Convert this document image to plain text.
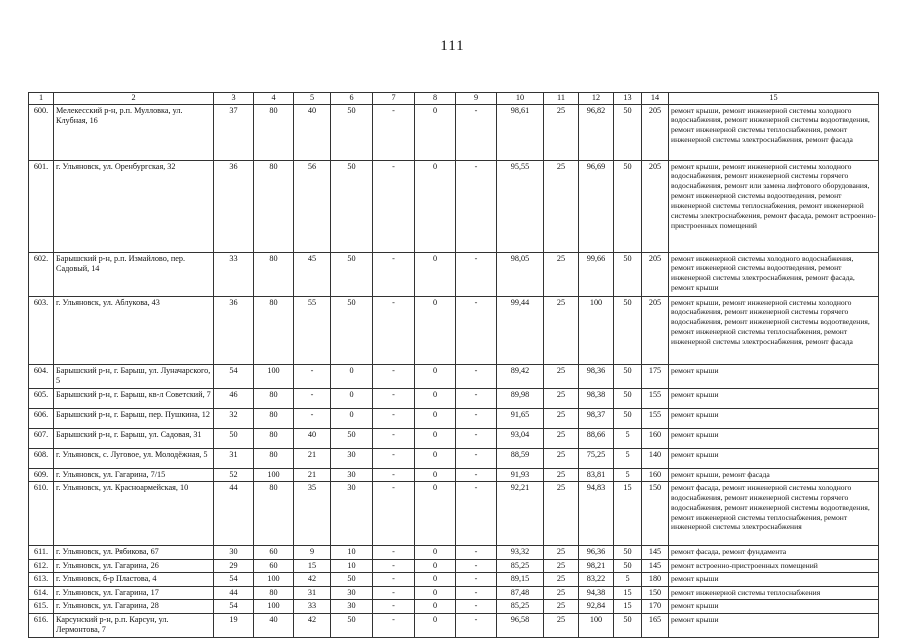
111
1	2	3	4	5	6	7	8	9	10	11	12	13	14	15
600.	Мелекесский р-н, р.п. Мулловка, ул. Клубная, 16	37	80	40	50	-	0	-	98,61	25	96,82	50	205	ремонт крыши, ремонт инженерной системы холодного водоснабжения, ремонт инженерной системы водоотведения, ремонт инженерной системы теплоснабжения, ремонт инженерной системы электроснабжения, ремонт фасада
601.	г. Ульяновск, ул. Оренбургская, 32	36	80	56	50	-	0	-	95,55	25	96,69	50	205	ремонт крыши, ремонт инженерной системы холодного водоснабжения, ремонт инженерной системы горячего водоснабжения, ремонт или замена лифтового оборудования, ремонт инженерной системы водоотведения, ремонт инженерной системы теплоснабжения, ремонт инженерной системы электроснабжения, ремонт фасада, ремонт встроенно-пристроенных помещений
602.	Барышский р-н, р.п. Измайлово, пер. Садовый, 14	33	80	45	50	-	0	-	98,05	25	99,66	50	205	ремонт инженерной системы холодного водоснабжения, ремонт инженерной системы водоотведения, ремонт инженерной системы электроснабжения, ремонт фасада, ремонт крыши
603.	г. Ульяновск, ул. Аблукова, 43	36	80	55	50	-	0	-	99,44	25	100	50	205	ремонт крыши, ремонт инженерной системы холодного водоснабжения, ремонт инженерной системы горячего водоснабжения, ремонт инженерной системы водоотведения, ремонт инженерной системы теплоснабжения, ремонт инженерной системы электроснабжения, ремонт фасада
604.	Барышский р-н, г. Барыш, ул. Луначарского, 5	54	100	-	0	-	0	-	89,42	25	98,36	50	175	ремонт крыши
605.	Барышский р-н, г. Барыш, кв-л Советский, 7	46	80	-	0	-	0	-	89,98	25	98,38	50	155	ремонт крыши
606.	Барышский р-н, г. Барыш, пер. Пушкина, 12	32	80	-	0	-	0	-	91,65	25	98,37	50	155	ремонт крыши
607.	Барышский р-н, г. Барыш, ул. Садовая, 31	50	80	40	50	-	0	-	93,04	25	88,66	5	160	ремонт крыши
608.	г. Ульяновск, с. Луговое, ул. Молодёжная, 5	31	80	21	30	-	0	-	88,59	25	75,25	5	140	ремонт крыши
609.	г. Ульяновск, ул. Гагарина, 7/15	52	100	21	30	-	0	-	91,93	25	83,81	5	160	ремонт крыши, ремонт фасада
610.	г. Ульяновск, ул. Красноармейская, 10	44	80	35	30	-	0	-	92,21	25	94,83	15	150	ремонт фасада, ремонт инженерной системы холодного водоснабжения, ремонт инженерной системы горячего водоснабжения, ремонт инженерной системы водоотведения, ремонт инженерной системы теплоснабжения, ремонт инженерной системы электроснабжения
611.	г. Ульяновск, ул. Рябикова, 67	30	60	9	10	-	0	-	93,32	25	96,36	50	145	ремонт фасада, ремонт фундамента
612.	г. Ульяновск, ул. Гагарина, 26	29	60	15	10	-	0	-	85,25	25	98,21	50	145	ремонт встроенно-пристроенных помещений
613.	г. Ульяновск, б-р Пластова, 4	54	100	42	50	-	0	-	89,15	25	83,22	5	180	ремонт крыши
614.	г. Ульяновск, ул. Гагарина, 17	44	80	31	30	-	0	-	87,48	25	94,38	15	150	ремонт инженерной системы теплоснабжения
615.	г. Ульяновск, ул. Гагарина, 28	54	100	33	30	-	0	-	85,25	25	92,84	15	170	ремонт крыши
616.	Карсунский р-н, р.п. Карсун, ул. Лермонтова, 7	19	40	42	50	-	0	-	96,58	25	100	50	165	ремонт крыши
